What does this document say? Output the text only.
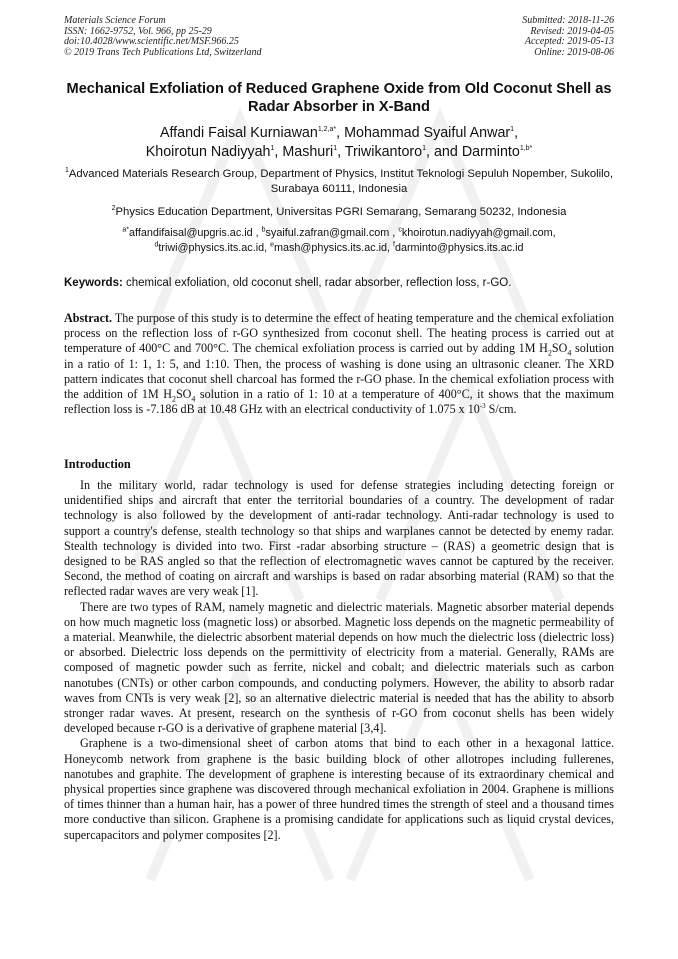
Materials Science Forum
ISSN: 1662-9752, Vol. 966, pp 25-29
doi:10.4028/www.scientific.net/MSF.966.25
© 2019 Trans Tech Publications Ltd, Switzerland
Submitted: 2018-11-26
Revised: 2019-04-05
Accepted: 2019-05-13
Online: 2019-08-06
Mechanical Exfoliation of Reduced Graphene Oxide from Old Coconut Shell as Radar Absorber in X-Band
Affandi Faisal Kurniawan$^{1,2,a*}$, Mohammad Syaiful Anwar$^1$,
Khoirotun Nadiyyah$^1$, Mashuri$^1$, Triwikantoro$^1$, and Darminto$^{1,b*}$
$^1$Advanced Materials Research Group, Department of Physics, Institut Teknologi Sepuluh Nopember, Sukolilo, Surabaya 60111, Indonesia
$^2$Physics Education Department, Universitas PGRI Semarang, Semarang 50232, Indonesia
$^{a*}$affandifaisal@upgris.ac.id , $^b$syaiful.zafran@gmail.com , $^c$khoirotun.nadiyyah@gmail.com,
$^d$triwi@physics.its.ac.id, $^e$mash@physics.its.ac.id, $^f$darminto@physics.its.ac.id
Keywords: chemical exfoliation, old coconut shell, radar absorber, reflection loss, r-GO.
Abstract. The purpose of this study is to determine the effect of heating temperature and the chemical exfoliation process on the reflection loss of r-GO synthesized from coconut shell. The heating process is carried out at temperature of 400°C and 700°C. The chemical exfoliation process is carried out by adding 1M $H_2SO_4$ solution in a ratio of 1: 1, 1: 5, and 1:10. Then, the process of washing is done using an ultrasonic cleaner. The XRD pattern indicates that coconut shell charcoal has formed the r-GO phase. In the chemical exfoliation process with the addition of 1M $H_2SO_4$ solution in a ratio of 1: 10 at a temperature of 400°C, it shows that the maximum reflection loss is -7.186 dB at 10.48 GHz with an electrical conductivity of 1.075 x $10^{-3}$ S/cm.
Introduction

In the military world, radar technology is used for defense strategies including detecting foreign or unidentified ships and aircraft that enter the territorial boundaries of a country. The development of radar technology is also followed by the development of anti-radar technology. Anti-radar technology is used to support a country's defense, stealth technology so that ships and warplanes cannot be detected by enemy radar. Stealth technology is divided into two. First -radar absorbing structure – (RAS) a geometric design that is designed to be RAS angled so that the reflection of electromagnetic waves cannot be captured by the receiver. Second, the method of coating on aircraft and warships is based on radar absorbing material (RAM) so that the reflected radar waves are very weak [1].

There are two types of RAM, namely magnetic and dielectric materials. Magnetic absorber material depends on how much magnetic loss (magnetic loss) or absorbed. Magnetic loss depends on the magnetic permeability of a material. Meanwhile, the dielectric absorbent material depends on how much the dielectric loss (dielectric loss) or absorbed. Dielectric loss depends on the permittivity of electricity from a material. Generally, RAMs are composed of magnetic powder such as ferrite, nickel and cobalt; and dielectric materials such as carbon nanotubes (CNTs) or other carbon compounds, and conducting polymers. However, the ability to absorb radar waves from CNTs is very weak [2], so an alternative dielectric material is needed that has the ability to absorb stronger radar waves. At present, research on the synthesis of r-GO from coconut shells has been widely developed because r-GO is a derivative of graphene material [3,4].

Graphene is a two-dimensional sheet of carbon atoms that bind to each other in a hexagonal lattice. Honeycomb network from graphene is the basic building block of other allotropes including fullerenes, nanotubes and graphite. The development of graphene is interesting because of its extraordinary chemical and physical properties since graphene was discovered through mechanical exfoliation in 2004. Graphene is millions of times thinner than a human hair, has a power of three hundred times the strength of steel and a thousand times more conductive than silicon. Graphene is a promising candidate for applications such as liquid crystal devices, supercapacitors and polymer composites [2].
